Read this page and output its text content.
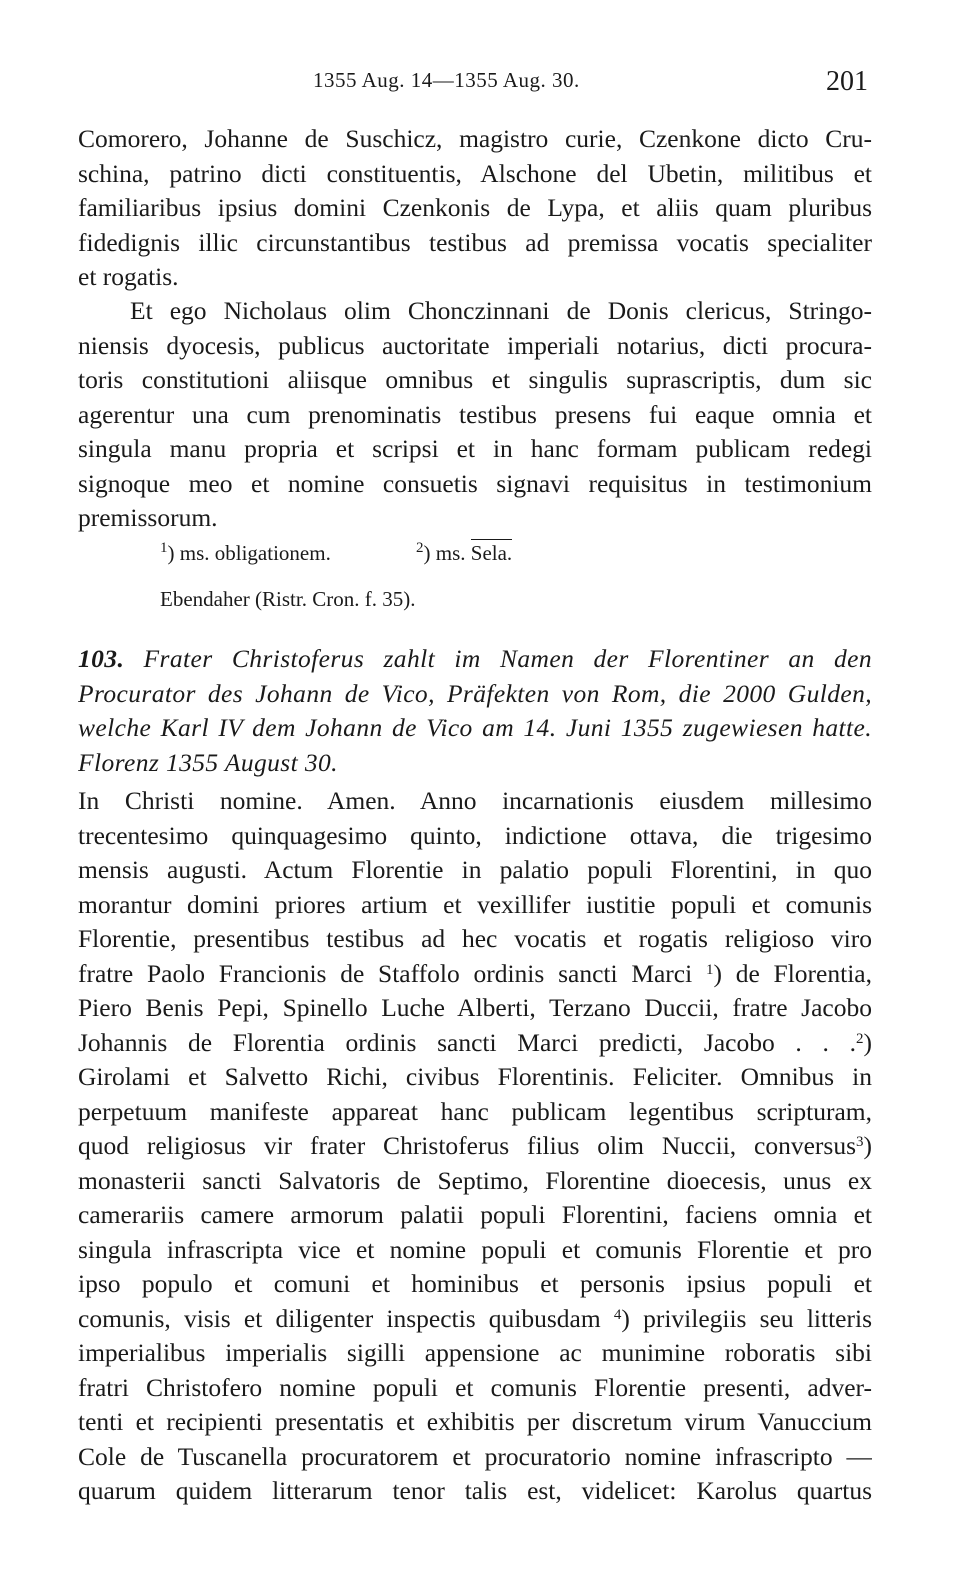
1355 Aug. 14—1355 Aug. 30.	201
Comorero, Johanne de Suschicz, magistro curie, Czenkone dicto Cru-
schina, patrino dicti constituentis, Alschone del Ubetin, militibus et
familiaribus ipsius domini Czenkonis de Lypa, et aliis quam pluribus
fidedignis illic circunstantibus testibus ad premissa vocatis specialiter
et rogatis.
Et ego Nicholaus olim Chonczinnani de Donis clericus, Stringo-
niensis dyocesis, publicus auctoritate imperiali notarius, dicti procura-
toris constitutioni aliisque omnibus et singulis suprascriptis, dum sic
agerentur una cum prenominatis testibus presens fui eaque omnia et
singula manu propria et scripsi et in hanc formam publicam redegi
signoque meo et nomine consuetis signavi requisitus in testimonium
premissorum.
$^1$) ms. obligationem.	$^2$) ms. Sela.
Ebendaher (Ristr. Cron. f. 35).
103. Frater Christoferus zahlt im Namen der Florentiner an den
Procurator des Johann de Vico, Präfekten von Rom, die 2000 Gulden,
welche Karl IV dem Johann de Vico am 14. Juni 1355 zugewiesen hatte.
Florenz 1355 August 30.
In Christi nomine. Amen. Anno incarnationis eiusdem millesimo
trecentesimo quinquagesimo quinto, indictione ottava, die trigesimo
mensis augusti. Actum Florentie in palatio populi Florentini, in quo
morantur domini priores artium et vexillifer iustitie populi et comunis
Florentie, presentibus testibus ad hec vocatis et rogatis religioso viro
fratre Paolo Francionis de Staffolo ordinis sancti Marci $^1$) de Florentia,
Piero Benis Pepi, Spinello Luche Alberti, Terzano Duccii, fratre Jacobo
Johannis de Florentia ordinis sancti Marci predicti, Jacobo . . .$^2$)
Girolami et Salvetto Richi, civibus Florentinis. Feliciter. Omnibus in
perpetuum manifeste appareat hanc publicam legentibus scripturam,
quod religiosus vir frater Christoferus filius olim Nuccii, conversus$^3$)
monasterii sancti Salvatoris de Septimo, Florentine dioecesis, unus ex
camerariis camere armorum palatii populi Florentini, faciens omnia et
singula infrascripta vice et nomine populi et comunis Florentie et pro
ipso populo et comuni et hominibus et personis ipsius populi et
comunis, visis et diligenter inspectis quibusdam $^4$) privilegiis seu litteris
imperialibus imperialis sigilli appensione ac munimine roboratis sibi
fratri Christofero nomine populi et comunis Florentie presenti, adver-
tenti et recipienti presentatis et exhibitis per discretum virum Vanuccium
Cole de Tuscanella procuratorem et procuratorio nomine infrascripto —
quarum quidem litterarum tenor talis est, videlicet: Karolus quartus
